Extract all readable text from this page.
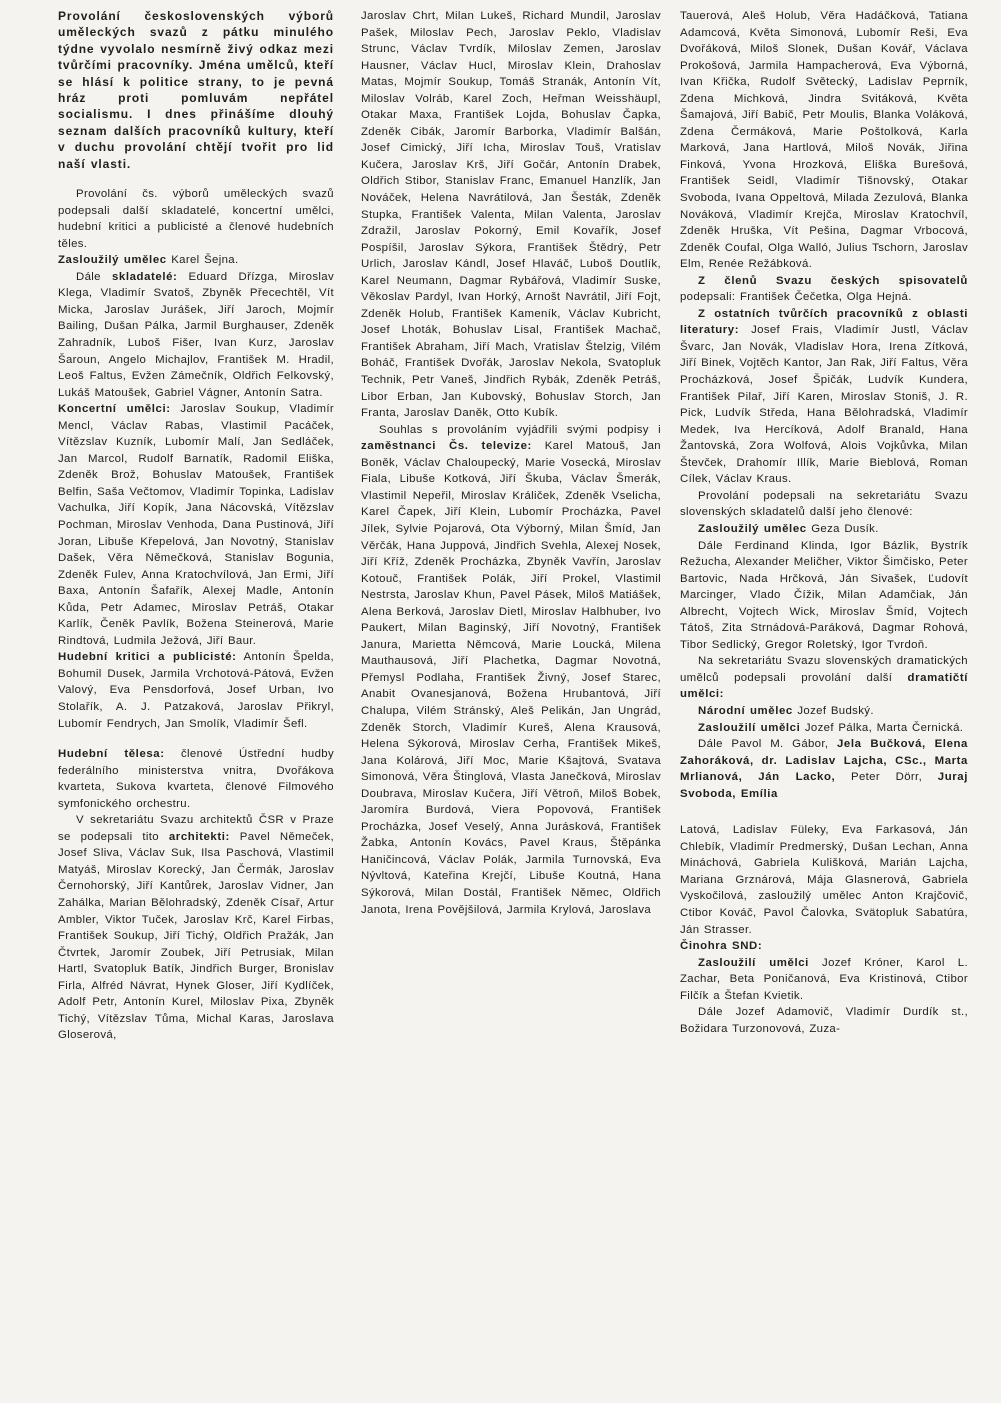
Provolání československých výborů uměleckých svazů z pátku minulého týdne vyvolalo nesmírně živý odkaz mezi tvůrčími pracovníky. Jména umělců, kteří se hlásí k politice strany, to je pevná hráz proti pomluvám nepřátel socialismu. I dnes přinášíme dlouhý seznam dalších pracovníků kultury, kteří v duchu provolání chtějí tvořit pro lid naší vlasti.

Provolání čs. výborů uměleckých svazů podepsali další skladatelé, koncertní umělci, hudební kritici a publicisté a členové hudebních těles.

Zasloužilý umělec Karel Šejna.

Dále skladatelé: Eduard Dřízga, Miroslav Klega, Vladimír Svatoš, Zbyněk Přecechtěl, Vít Micka, Jaroslav Jurášek, Jiří Jaroch, Mojmír Bailing, Dušan Pálka, Jarmil Burghauser, Zdeněk Zahradník, Luboš Fišer, Ivan Kurz, Jaroslav Šaroun, Angelo Michajlov, František M. Hradil, Leoš Faltus, Evžen Zámečník, Oldřich Felkovský, Lukáš Matoušek, Gabriel Vágner, Antonín Satra.

Koncertní umělci: Jaroslav Soukup, Vladimír Mencl, Václav Rabas, Vlastimil Pacáček, Vítězslav Kuzník, Lubomír Malí, Jan Sedláček, Jan Marcol, Rudolf Barnatík, Radomil Eliška, Zdeněk Brož, Bohuslav Matoušek, František Belfin, Saša Večtomov, Vladimír Topinka, Ladislav Vachulka, Jiří Kopík, Jana Nácovská, Vítězslav Pochman, Miroslav Venhoda, Dana Pustinová, Jiří Joran, Libuše Křepelová, Jan Novotný, Stanislav Dašek, Věra Němečková, Stanislav Bogunia, Zdeněk Fulev, Anna Kratochvílová, Jan Ermi, Jiří Baxa, Antonín Šafařík, Alexej Madle, Antonín Kůda, Petr Adamec, Miroslav Petráš, Otakar Karlík, Čeněk Pavlík, Božena Steinerová, Marie Rindtová, Ludmila Ježová, Jiří Baur.

Hudební kritici a publicisté: Antonín Špelda, Bohumil Dusek, Jarmila Vrchotová-Pátová, Evžen Valový, Eva Pensdorfová, Josef Urban, Ivo Stolařík, A. J. Patzaková, Jaroslav Přikryl, Lubomír Fendrych, Jan Smolík, Vladimír Šefl.

Hudební tělesa: členové Ústřední hudby federálního ministerstva vnitra, Dvořákova kvarteta, Sukova kvarteta, členové Filmového symfonického orchestru.

V sekretariátu Svazu architektů ČSR v Praze se podepsali tito architekti: Pavel Němeček, Josef Sliva, Václav Suk, Ilsa Paschová, Vlastimil Matyáš, Miroslav Korecký, Jan Čermák, Jaroslav Černohorský, Jiří Kantůrek, Jaroslav Vidner, Jan Zahálka, Marian Bělohradský, Zdeněk Císař, Artur Ambler, Viktor Tuček, Jaroslav Krč, Karel Firbas, František Soukup, Jiří Tichý, Oldřich Pražák, Jan Čtvrtek, Jaromír Zoubek, Jiří Petrusiak, Milan Hartl, Svatopluk Batík, Jindřich Burger, Bronislav Firla, Alfréd Návrat, Hynek Gloser, Jiří Kydlíček, Adolf Petr, Antonín Kurel, Miloslav Pixa, Zbyněk Tichý, Vítězslav Tůma, Michal Karas, Jaroslava Gloserová,

Jaroslav Chrt, Milan Lukeš, Richard Mundil, Jaroslav Pašek, Miloslav Pech, Jaroslav Peklo, Vladislav Strunc, Václav Tvrdík, Miloslav Zemen, Jaroslav Hausner, Václav Hucl, Miroslav Klein, Drahoslav Matas, Mojmír Soukup, Tomáš Stranák, Antonín Vít, Miloslav Volráb, Karel Zoch, Heřman Weisshäupl, Otakar Maxa, František Lojda, Bohuslav Čapka, Zdeněk Cibák, Jaromír Barborka, Vladimír Balšán, Josef Cimický, Jiří Icha, Miroslav Touš, Vratislav Kučera, Jaroslav Krš, Jiří Gočár, Antonín Drabek, Oldřich Stibor, Stanislav Franc, Emanuel Hanzlík, Jan Nováček, Helena Navrátilová, Jan Šesták, Zdeněk Stupka, František Valenta, Milan Valenta, Jaroslav Zdražil, Jaroslav Pokorný, Emil Kovařík, Josef Pospíšil, Jaroslav Sýkora, František Štědrý, Petr Urlich, Jaroslav Kándl, Josef Hlaváč, Luboš Doutlík, Karel Neumann, Dagmar Rybářová, Vladimír Suske, Věkoslav Pardyl, Ivan Horký, Arnošt Navrátil, Jiří Fojt, Zdeněk Holub, František Kameník, Václav Kubricht, Josef Lhoták, Bohuslav Lisal, František Machač, František Abraham, Jiří Mach, Vratislav Štelzig, Vilém Boháč, František Dvořák, Jaroslav Nekola, Svatopluk Technik, Petr Vaneš, Jindřich Rybák, Zdeněk Petráš, Libor Erban, Jan Kubovský, Bohuslav Storch, Jan Franta, Jaroslav Daněk, Otto Kubík.

Souhlas s provoláním vyjádřili svými podpisy i zaměstnanci Čs. televize: Karel Matouš, Jan Boněk, Václav Chaloupecký, Marie Vosecká, Miroslav Fiala, Libuše Kotková, Jiří Škuba, Václav Šmerák, Vlastimil Nepeřil, Miroslav Králiček, Zdeněk Vselicha, Karel Čapek, Jiří Klein, Lubomír Procházka, Pavel Jílek, Sylvie Pojarová, Ota Výborný, Milan Šmíd, Jan Věrčák, Hana Juppová, Jindřich Svehla, Alexej Nosek, Jiří Kříž, Zdeněk Procházka, Zbyněk Vavřín, Jaroslav Kotouč, František Polák, Jiří Prokel, Vlastimil Nestrsta, Jaroslav Khun, Pavel Pásek, Miloš Matiášek, Alena Berková, Jaroslav Dietl, Miroslav Halbhuber, Ivo Paukert, Milan Baginský, Jiří Novotný, František Janura, Marietta Němcová, Marie Loucká, Milena Mauthausová, Jiří Plachetka, Dagmar Novotná, Přemysl Podlaha, František Živný, Josef Starec, Anabit Ovanesjanová, Božena Hrubantová, Jiří Chalupa, Vilém Stránský, Aleš Pelikán, Jan Ungrád, Zdeněk Storch, Vladimír Kureš, Alena Krausová, Helena Sýkorová, Miroslav Cerha, František Mikeš, Jana Kolárová, Jiří Moc, Marie Kšajtová, Svatava Simonová, Věra Štinglová, Vlasta Janečková, Miroslav Doubrava, Miroslav Kučera, Jiří Větroň, Miloš Bobek, Jaromíra Burdová, Viera Popovová, František Procházka, Josef Veselý, Anna Jurásková, František Žabka, Antonín Kovács, Pavel Kraus, Štěpánka Haničincová, Václav Polák, Jarmila Turnovská, Eva Nývltová, Kateřina Krejčí, Libuše Koutná, Hana Sýkorová, Milan Dostál, František Němec, Oldřich Janota, Irena Povějšilová, Jarmila Krylová, Jaroslava

Tauerová, Aleš Holub, Věra Hadáčková, Tatiana Adamcová, Květa Simonová, Lubomír Reši, Eva Dvořáková, Miloš Slonek, Dušan Kovář, Václava Prokošová, Jarmila Hampacherová, Eva Výborná, Ivan Křička, Rudolf Světecký, Ladislav Peprník, Zdena Michková, Jindra Svitáková, Květa Šamajová, Jiří Babič, Petr Moulis, Blanka Voláková, Zdena Čermáková, Marie Poštolková, Karla Marková, Jana Hartlová, Miloš Novák, Jiřina Finková, Yvona Hrozková, Eliška Burešová, František Seidl, Vladimír Tišnovský, Otakar Svoboda, Ivana Oppeltová, Milada Zezulová, Blanka Nováková, Vladimír Krejča, Miroslav Kratochvíl, Zdeněk Hruška, Vít Pešina, Dagmar Vrbocová, Zdeněk Coufal, Olga Walló, Julius Tschorn, Jaroslav Elm, Renée Režábková.

Z členů Svazu českých spisovatelů podepsali: František Čečetka, Olga Hejná.

Z ostatních tvůrčích pracovníků z oblasti literatury: Josef Frais, Vladimír Justl, Václav Švarc, Jan Novák, Vladislav Hora, Irena Zítková, Jiří Binek, Vojtěch Kantor, Jan Rak, Jiří Faltus, Věra Procházková, Josef Špičák, Ludvík Kundera, František Pilař, Jiří Karen, Miroslav Stoniš, J. R. Pick, Ludvík Středa, Hana Bělohradská, Vladimír Medek, Iva Hercíková, Adolf Branald, Hana Žantovská, Zora Wolfová, Alois Vojkůvka, Milan Števček, Drahomír Illík, Marie Bieblová, Roman Cílek, Václav Kraus.

Provolání podepsali na sekretariátu Svazu slovenských skladatelů další jeho členové:

Zasloužilý umělec Geza Dusík.

Dále Ferdinand Klinda, Igor Bázlik, Bystrík Režucha, Alexander Meličher, Viktor Šimčisko, Peter Bartovic, Nada Hrčková, Ján Sivašek, Ľudovít Marcinger, Vlado Čížik, Milan Adamčiak, Ján Albrecht, Vojtech Wick, Miroslav Šmíd, Vojtech Tátoš, Zita Strnádová-Paráková, Dagmar Rohová, Tibor Sedlický, Gregor Roletský, Igor Tvrdoň.

Na sekretariátu Svazu slovenských dramatických umělců podepsali provolání další dramatičtí umělci:

Národní umělec Jozef Budský.

Zasloužilí umělci Jozef Pálka, Marta Černická.

Dále Pavol M. Gábor, Jela Bučková, Elena Zahoráková, dr. Ladislav Lajcha, CSc., Marta Mrlianová, Ján Lacko, Peter Dörr, Juraj Svoboda, Emília

Latová, Ladislav Füleky, Eva Farkasová, Ján Chlebík, Vladimír Predmerský, Dušan Lechan, Anna Mináchová, Gabriela Kulišková, Marián Lajcha, Mariana Grznárová, Mája Glasnerová, Gabriela Vyskočilová, zasloužilý umělec Anton Krajčovič, Ctibor Kováč, Pavol Čalovka, Svätopluk Sabatúra, Ján Strasser.

Činohra SND:

Zasloužilí umělci Jozef Króner, Karol L. Zachar, Beta Poničanová, Eva Kristinová, Ctibor Filčík a Štefan Kvietik.

Dále Jozef Adamovič, Vladimír Durdík st., Božidara Turzonovová, Zuza-
